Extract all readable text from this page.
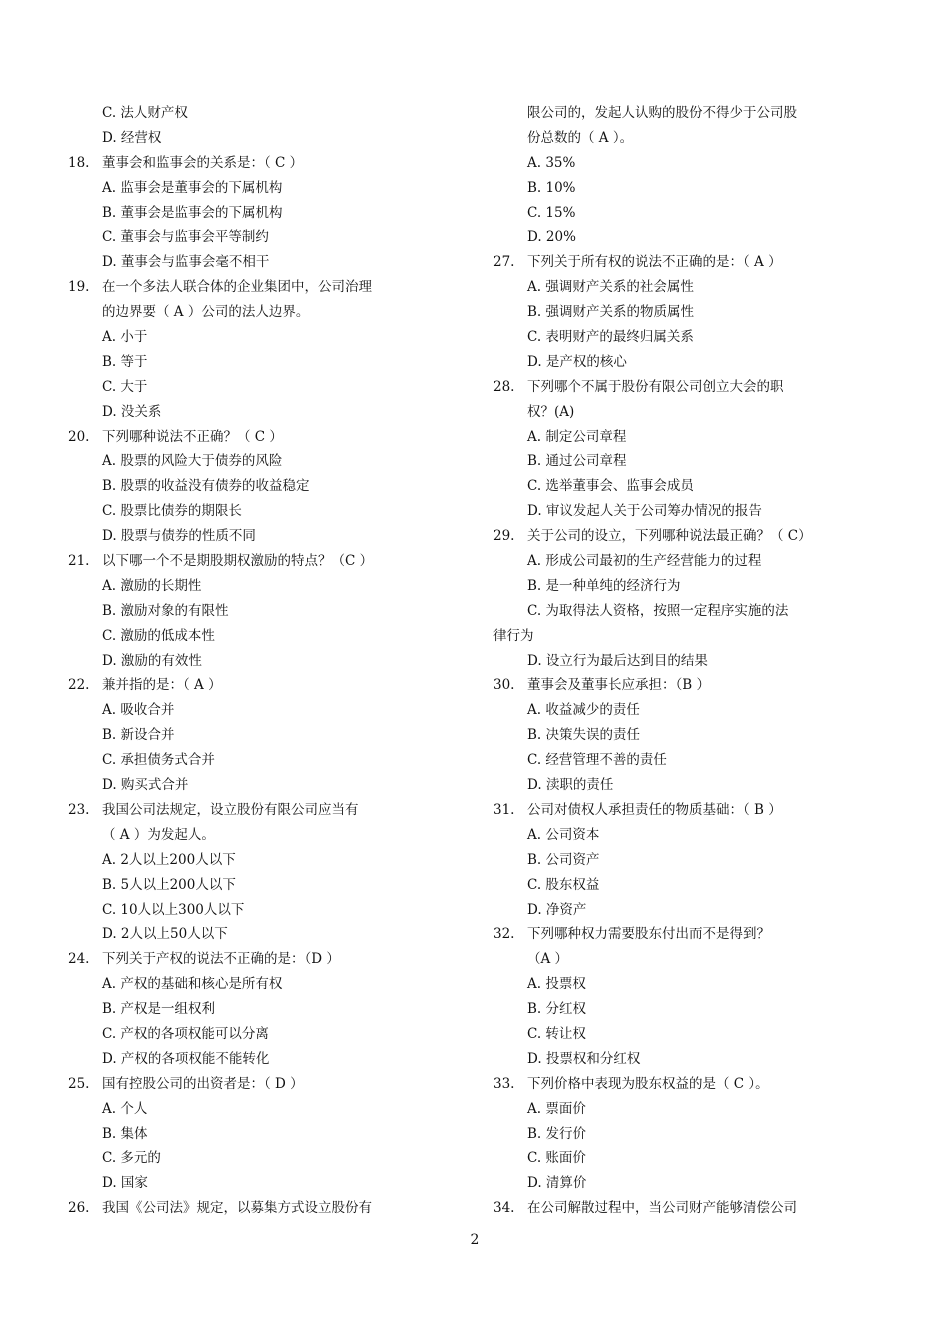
C. 法人财产权
D. 经营权
18. 董事会和监事会的关系是：（ C ）
A. 监事会是董事会的下属机构
B. 董事会是监事会的下属机构
C. 董事会与监事会平等制约
D. 董事会与监事会毫不相干
19. 在一个多法人联合体的企业集团中，公司治理
的边界要（ A ）公司的法人边界。
A. 小于
B. 等于
C. 大于
D. 没关系
20. 下列哪种说法不正确？（ C ）
A. 股票的风险大于债券的风险
B. 股票的收益没有债券的收益稳定
C. 股票比债券的期限长
D. 股票与债券的性质不同
21. 以下哪一个不是期股期权激励的特点？（C ）
A. 激励的长期性
B. 激励对象的有限性
C. 激励的低成本性
D. 激励的有效性
22. 兼并指的是：（ A ）
A. 吸收合并
B. 新设合并
C. 承担债务式合并
D. 购买式合并
23. 我国公司法规定，设立股份有限公司应当有
（ A ）为发起人。
A. 2人以上200人以下
B. 5人以上200人以下
C. 10人以上300人以下
D. 2人以上50人以下
24. 下列关于产权的说法不正确的是：（D ）
A. 产权的基础和核心是所有权
B. 产权是一组权利
C. 产权的各项权能可以分离
D. 产权的各项权能不能转化
25. 国有控股公司的出资者是：（ D ）
A. 个人
B. 集体
C. 多元的
D. 国家
26. 我国《公司法》规定，以募集方式设立股份有
限公司的，发起人认购的股份不得少于公司股
份总数的（ A ）。
A. 35%
B. 10%
C. 15%
D. 20%
27. 下列关于所有权的说法不正确的是：（ A ）
A. 强调财产关系的社会属性
B. 强调财产关系的物质属性
C. 表明财产的最终归属关系
D. 是产权的核心
28. 下列哪个不属于股份有限公司创立大会的职
权？(A)
A. 制定公司章程
B. 通过公司章程
C. 选举董事会、监事会成员
D. 审议发起人关于公司筹办情况的报告
29. 关于公司的设立，下列哪种说法最正确？（ C）
A. 形成公司最初的生产经营能力的过程
B. 是一种单纯的经济行为
C. 为取得法人资格，按照一定程序实施的法
律行为
D. 设立行为最后达到目的结果
30. 董事会及董事长应承担：（B ）
A. 收益减少的责任
B. 决策失误的责任
C. 经营管理不善的责任
D. 渎职的责任
31. 公司对债权人承担责任的物质基础：（ B ）
A. 公司资本
B. 公司资产
C. 股东权益
D. 净资产
32. 下列哪种权力需要股东付出而不是得到？
（A ）
A. 投票权
B. 分红权
C. 转让权
D. 投票权和分红权
33. 下列价格中表现为股东权益的是（ C ）。
A. 票面价
B. 发行价
C. 账面价
D. 清算价
34. 在公司解散过程中，当公司财产能够清偿公司
2
